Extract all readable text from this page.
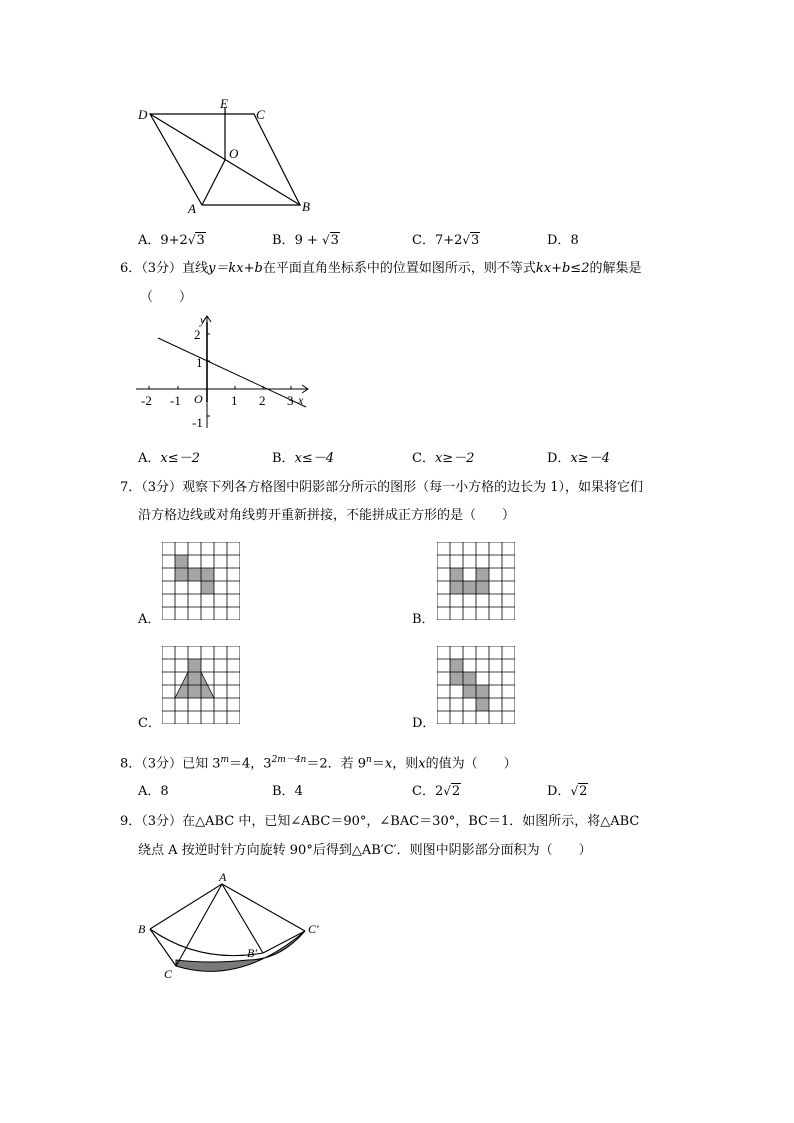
D
E
C
O
A	B
A．9+2√3	B．9 + √3	C．7+2√3	D．8
6．（3分）直线y＝kx+b在平面直角坐标系中的位置如图所示，则不等式kx+b≤2的解集是
（　　）
y
x
O
-2 -1	1 2 3
2
1
-1
A．x≤－2	B．x≤－4	C．x≥－2	D．x≥－4
7．（3分）观察下列各方格图中阴影部分所示的图形（每一小方格的边长为 1），如果将它们
沿方格边线或对角线剪开重新拼接，不能拼成正方形的是（　　）
A．	B．
C．	D．
8．（3分）已知 $3^m=4$，$3^{2m-4n}=2$．若 $9^n=x$，则x的值为（　　）
A．8	B．4	C．2√2	D．√2
9．（3分）在△ABC 中，已知∠ABC＝90°，∠BAC＝30°，BC＝1．如图所示，将△ABC
绕点 A 按逆时针方向旋转 90°后得到△AB′C′．则图中阴影部分面积为（　　）
A
B
C
B′
C′
